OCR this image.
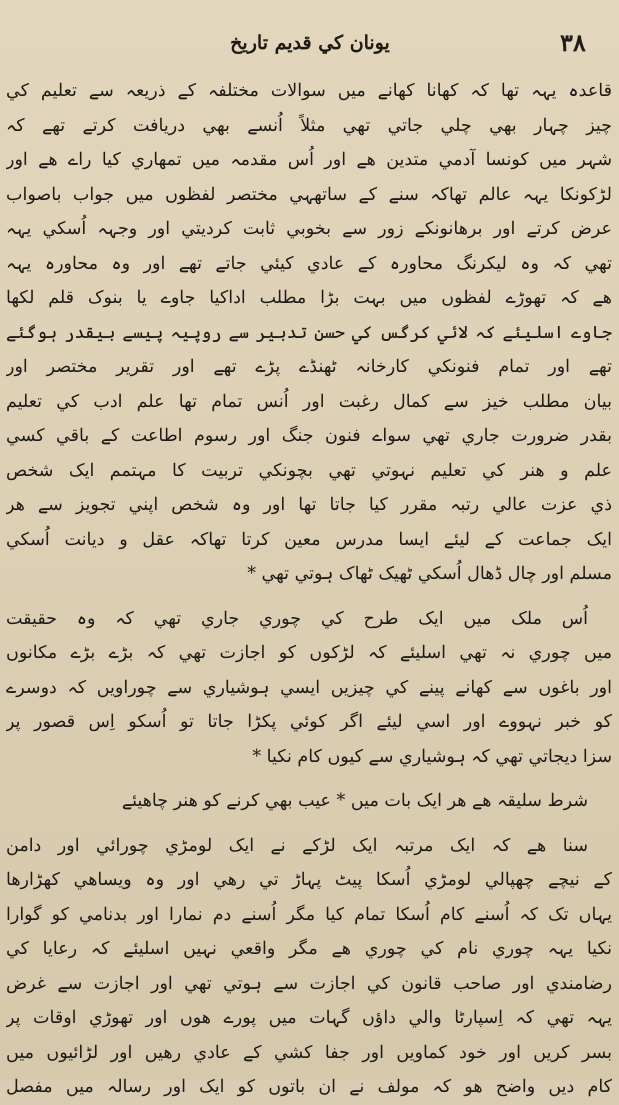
۳۸
یونان کي قدیم تاریخ
قاعدہ یہہ تھا کہ کھانا کھانے میں سوالات مختلفہ کے ذریعہ سے تعلیم کي
چیز چہار بھي چلي جاتي تھي مثلاً اُنسے بھي دریافت کرتے تھے کہ
شہر میں کونسا آدمي متدین ھے اور اُس مقدمہ میں تمھاري کیا راے ھے اور
لڑکونکا یہہ عالم تھاکہ سنے کے ساتھہي مختصر لفظوں میں جواب باصواب
عرض کرتے اور برھانونکے زور سے بخوبي ثابت کردیتي اور وجہہ اُسکي یہہ
تھي کہ وہ لیکرنگ محاورہ کے عادي کیئي جاتے تھے اور وہ محاورہ یہہ
ھے کہ تھوڑے لفظوں میں بہت بڑا مطلب اداکیا جاوے یا بنوک قلم لکھا
جاوے اسلیئے کہ لائي کرگس کي حسن تدبیر سے روپیہ پیسے بیقدر ہوگئے
تھے اور تمام فنونکي کارخانہ ٹھنڈے پڑے تھے اور تقریر مختصر اور
بیان مطلب خیز سے کمال رغبت اور اُنس تمام تھا علم ادب کي تعلیم
بقدر ضرورت جاري تھي سواے فنون جنگ اور رسوم اطاعت کے باقي کسي
علم و ھنر کي تعلیم نہوتي تھي بچونکي تربیت کا مہتمم ایک شخص
ذي عزت عالي رتبہ مقرر کیا جاتا تھا اور وہ شخص اپني تجویز سے ھر
ایک جماعت کے لیئے ایسا مدرس معین کرتا تھاکہ عقل و دیانت اُسکي
مسلم اور چال ڈھال اُسکي ٹھیک ٹھاک ہوتي تھي *
اُس ملک میں ایک طرح کي چوري جاري تھي کہ وہ حقیقت
میں چوري نہ تھي اسلیئے کہ لڑکوں کو اجازت تھي کہ بڑے بڑے مکانوں
اور باغوں سے کھانے پینے کي چیزیں ایسي ہوشیاري سے چوراویں کہ دوسرے
کو خبر نہووے اور اسي لیئے اگر کوئي پکڑا جاتا تو اُسکو اِس قصور پر
سزا دیجاتي تھي کہ ہوشیاري سے کیوں کام نکیا *
شرط سلیقہ ھے ھر ایک بات میں * عیب بھي کرنے کو ھنر چاھیئے
سنا ھے کہ ایک مرتبہ ایک لڑکے نے ایک لومڑي چورائي اور دامن
کے نیچے چھپالي لومڑي اُسکا پیٹ پہاڑ تي رھي اور وہ ویساھي کھڑارھا
یہاں تک کہ اُسنے کام اُسکا تمام کیا مگر اُسنے دم نمارا اور بدنامي کو گوارا
نکیا یہہ چوري نام کي چوري ھے مگر واقعي نہیں اسلیئے کہ رعایا کي
رضامندي اور صاحب قانون کي اجازت سے ہوتي تھي اور اجازت سے غرض
یہہ تھي کہ اِسپارٹا والي داؤں گہات میں پورے ھوں اور تھوڑي اوقات پر
بسر کریں اور خود کماویں اور جفا کشي کے عادي رھیں اور لڑائیوں میں
کام دیں واضح ھو کہ مولف نے ان باتوں کو ایک اور رسالہ میں مفصل
